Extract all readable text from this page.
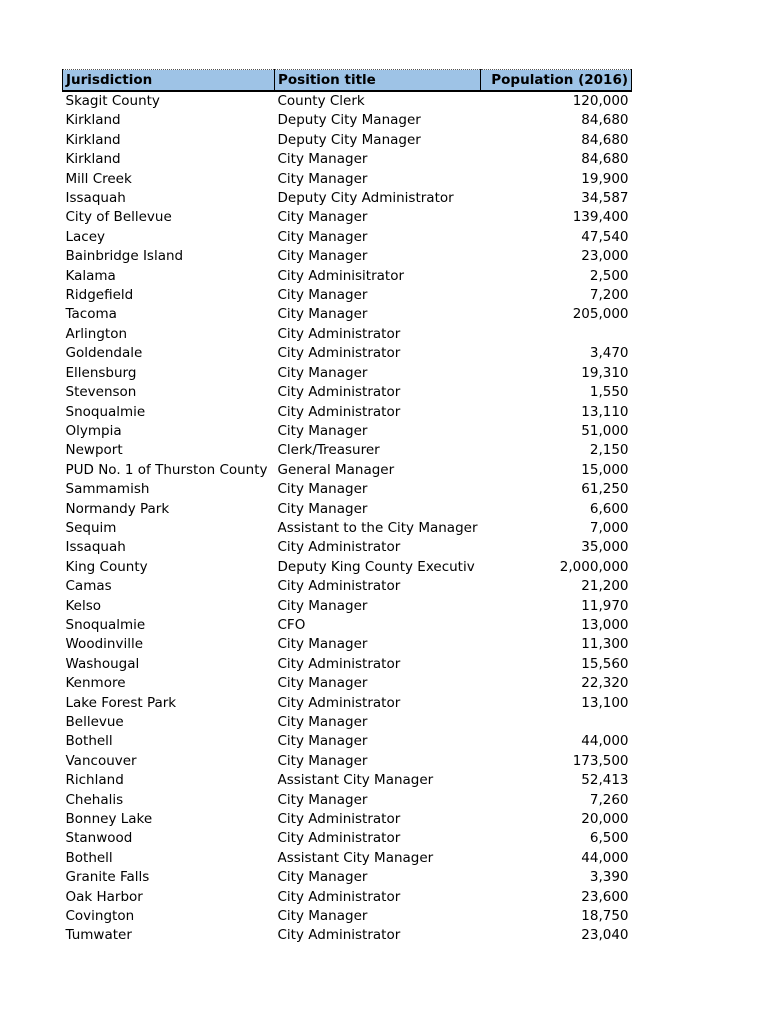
Jurisdiction	Position title	Population (2016)
Skagit County	County Clerk	120,000
Kirkland	Deputy City Manager	84,680
Kirkland	Deputy City Manager	84,680
Kirkland	City Manager	84,680
Mill Creek	City Manager	19,900
Issaquah	Deputy City Administrator	34,587
City of Bellevue	City Manager	139,400
Lacey	City Manager	47,540
Bainbridge Island	City Manager	23,000
Kalama	City Adminisitrator	2,500
Ridgefield	City Manager	7,200
Tacoma	City Manager	205,000
Arlington	City Administrator	
Goldendale	City Administrator	3,470
Ellensburg	City Manager	19,310
Stevenson	City Administrator	1,550
Snoqualmie	City Administrator	13,110
Olympia	City Manager	51,000
Newport	Clerk/Treasurer	2,150
PUD No. 1 of Thurston County	General Manager	15,000
Sammamish	City Manager	61,250
Normandy Park	City Manager	6,600
Sequim	Assistant to the City Manager	7,000
Issaquah	City Administrator	35,000
King County	Deputy King County Executiv	2,000,000
Camas	City Administrator	21,200
Kelso	City Manager	11,970
Snoqualmie	CFO	13,000
Woodinville	City Manager	11,300
Washougal	City Administrator	15,560
Kenmore	City Manager	22,320
Lake Forest Park	City Administrator	13,100
Bellevue	City Manager	
Bothell	City Manager	44,000
Vancouver	City Manager	173,500
Richland	Assistant City Manager	52,413
Chehalis	City Manager	7,260
Bonney Lake	City Administrator	20,000
Stanwood	City Administrator	6,500
Bothell	Assistant City Manager	44,000
Granite Falls	City Manager	3,390
Oak Harbor	City Administrator	23,600
Covington	City Manager	18,750
Tumwater	City Administrator	23,040
